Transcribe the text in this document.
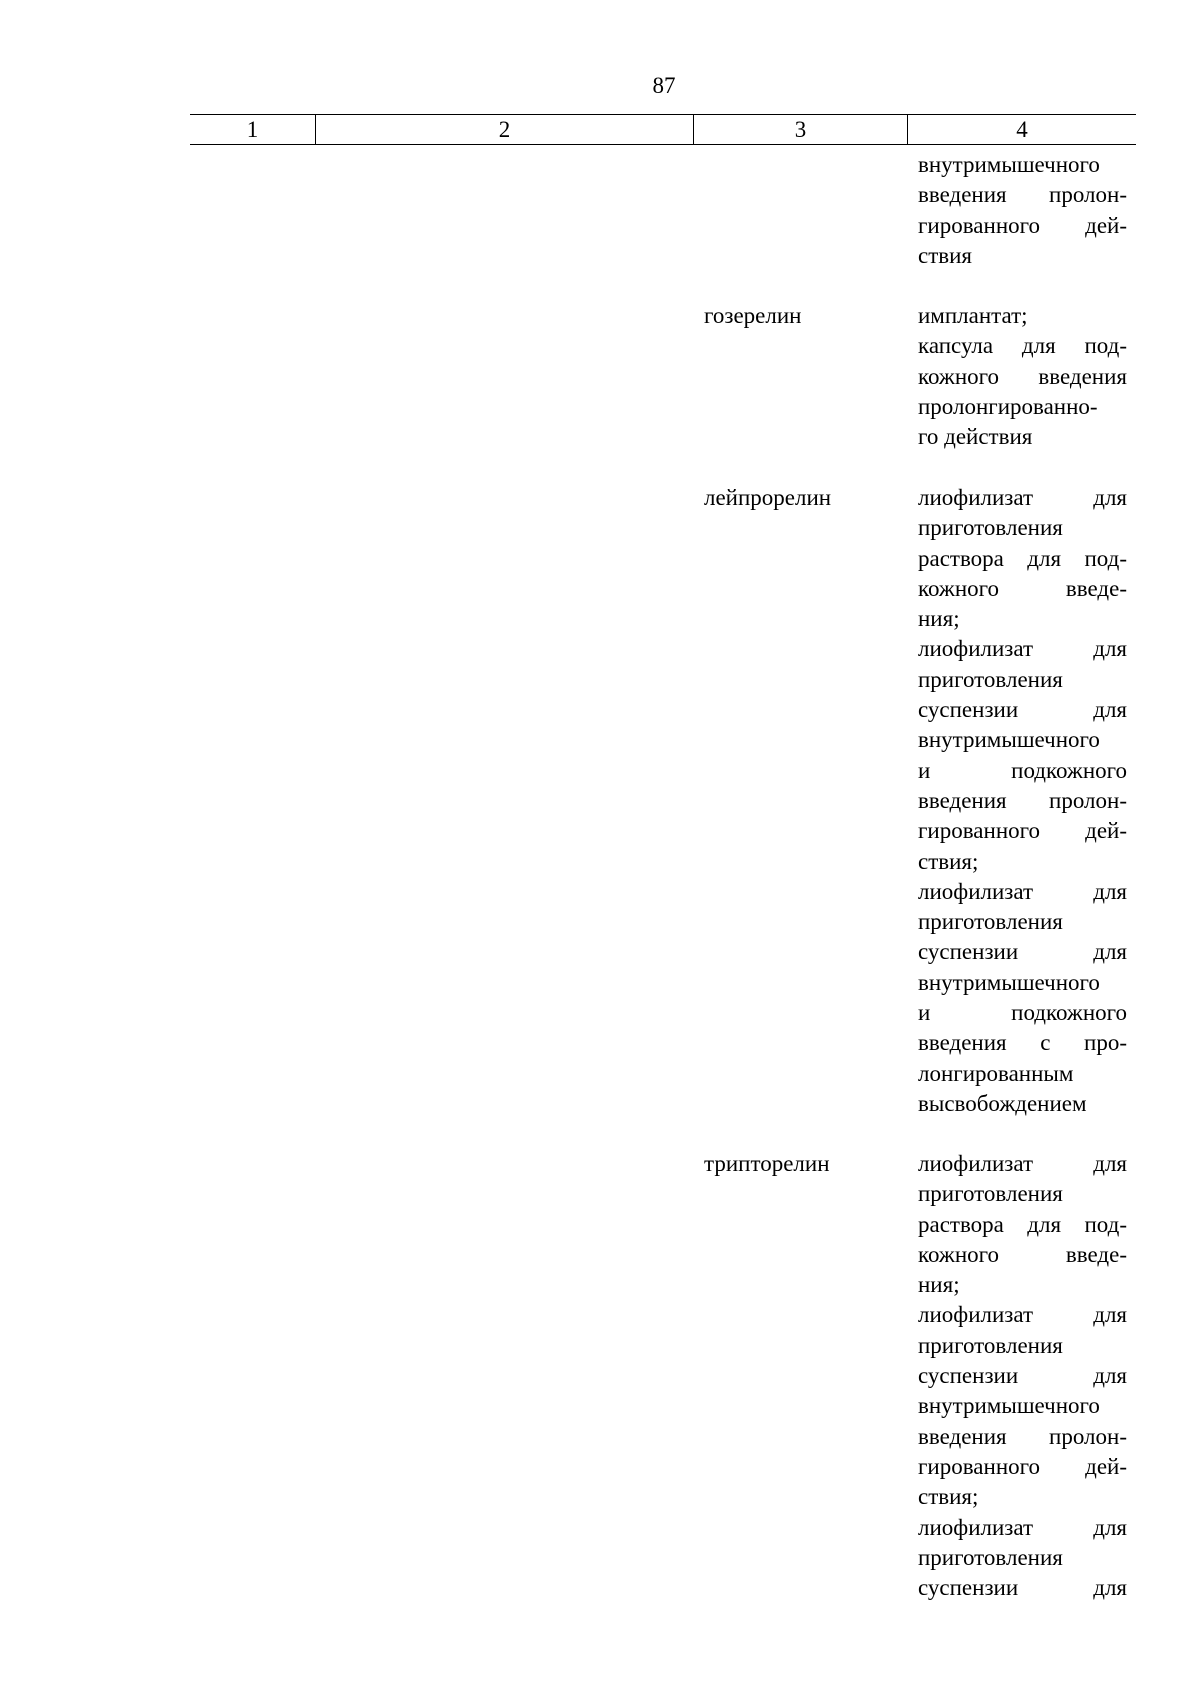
87
1	2	3	4
внутримышечного
введения пролон-
гированного дей-
ствия
гозерелин	имплантат;
капсула для под-
кожного введения
пролонгированно-
го действия
лейпрорелин	лиофилизат для
приготовления
раствора для под-
кожного введе-
ния;
лиофилизат для
приготовления
суспензии для
внутримышечного
и подкожного
введения пролон-
гированного дей-
ствия;
лиофилизат для
приготовления
суспензии для
внутримышечного
и подкожного
введения с про-
лонгированным
высвобождением
трипторелин	лиофилизат для
приготовления
раствора для под-
кожного введе-
ния;
лиофилизат для
приготовления
суспензии для
внутримышечного
введения пролон-
гированного дей-
ствия;
лиофилизат для
приготовления
суспензии для
